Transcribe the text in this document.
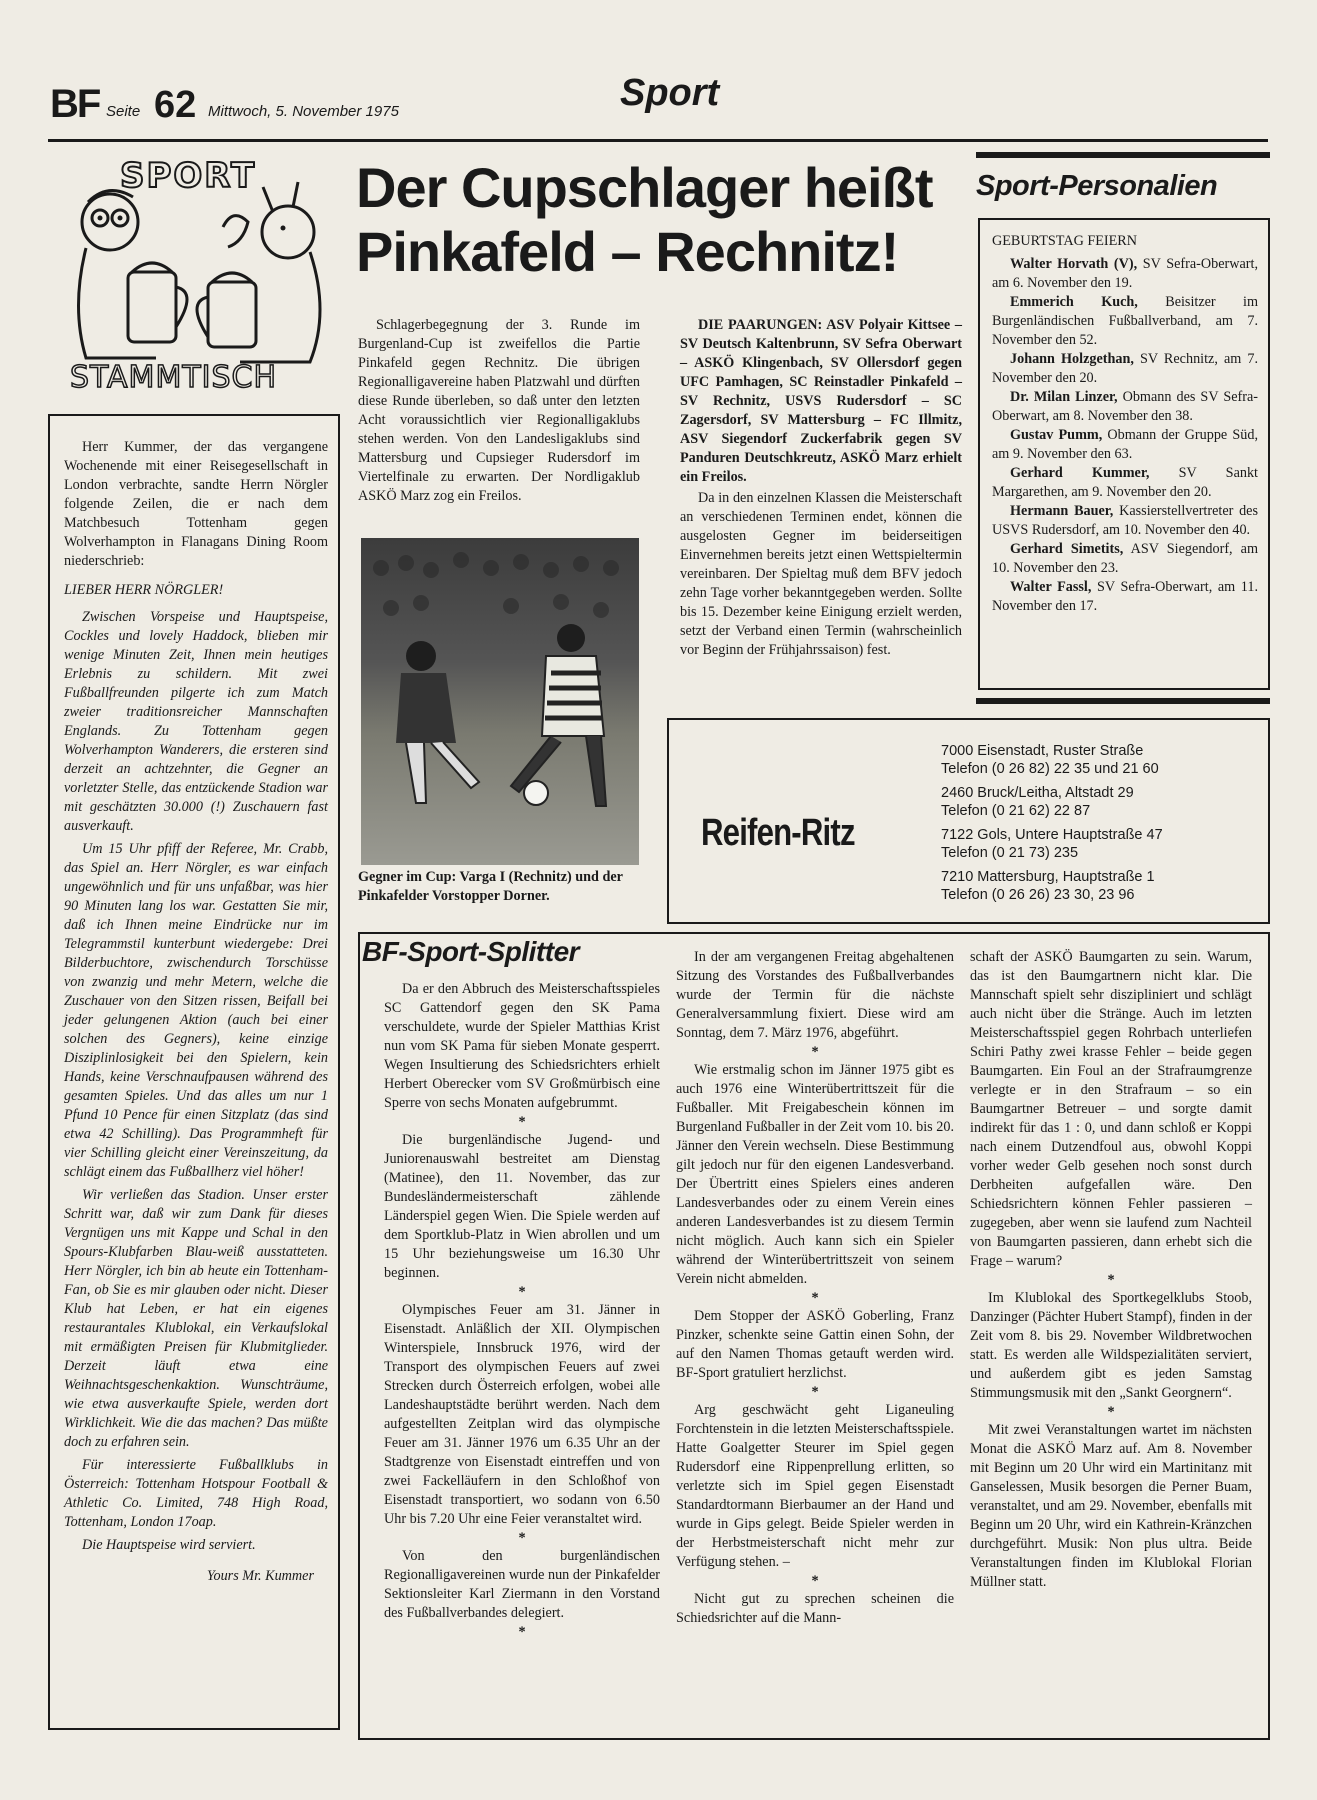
BF Seite 62 Mittwoch, 5. November 1975	Sport
SPORT
STAMMTISCH

Herr Kummer, der das vergangene Wochenende mit einer Reisegesellschaft in London verbrachte, sandte Herrn Nörgler folgende Zeilen, die er nach dem Matchbesuch Tottenham gegen Wolverhampton in Flanagans Dining Room niederschrieb:

LIEBER HERR NÖRGLER!

Zwischen Vorspeise und Hauptspeise, Cockles und lovely Haddock, blieben mir wenige Minuten Zeit, Ihnen mein heutiges Erlebnis zu schildern. Mit zwei Fußballfreunden pilgerte ich zum Match zweier traditionsreicher Mannschaften Englands. Zu Tottenham gegen Wolverhampton Wanderers, die ersteren sind derzeit an achtzehnter, die Gegner an vorletzter Stelle, das entzückende Stadion war mit geschätzten 30.000 (!) Zuschauern fast ausverkauft.

Um 15 Uhr pfiff der Referee, Mr. Crabb, das Spiel an. Herr Nörgler, es war einfach ungewöhnlich und für uns unfaßbar, was hier 90 Minuten lang los war. Gestatten Sie mir, daß ich Ihnen meine Eindrücke nur im Telegrammstil kunterbunt wiedergebe: Drei Bilderbuchtore, zwischendurch Torschüsse von zwanzig und mehr Metern, welche die Zuschauer von den Sitzen rissen, Beifall bei jeder gelungenen Aktion (auch bei einer solchen des Gegners), keine einzige Disziplinlosigkeit bei den Spielern, kein Hands, keine Verschnaufpausen während des gesamten Spieles. Und das alles um nur 1 Pfund 10 Pence für einen Sitzplatz (das sind etwa 42 Schilling). Das Programmheft für vier Schilling gleicht einer Vereinszeitung, da schlägt einem das Fußballherz viel höher!

Wir verließen das Stadion. Unser erster Schritt war, daß wir zum Dank für dieses Vergnügen uns mit Kappe und Schal in den Spours-Klubfarben Blau-weiß ausstatteten. Herr Nörgler, ich bin ab heute ein Tottenham-Fan, ob Sie es mir glauben oder nicht. Dieser Klub hat Leben, er hat ein eigenes restaurantales Klublokal, ein Verkaufslokal mit ermäßigten Preisen für Klubmitglieder. Derzeit läuft etwa eine Weihnachtsgeschenkaktion. Wunschträume, wie etwa ausverkaufte Spiele, werden dort Wirklichkeit. Wie die das machen? Das müßte doch zu erfahren sein.

Für interessierte Fußballklubs in Österreich: Tottenham Hotspour Football & Athletic Co. Limited, 748 High Road, Tottenham, London 17oap.

Die Hauptspeise wird serviert.

Yours Mr. Kummer

Der Cupschlager heißt
Pinkafeld – Rechnitz!

Schlagerbegegnung der 3. Runde im Burgenland-Cup ist zweifellos die Partie Pinkafeld gegen Rechnitz. Die übrigen Regionalligavereine haben Platzwahl und dürften diese Runde überleben, so daß unter den letzten Acht voraussichtlich vier Regionalligaklubs stehen werden. Von den Landesligaklubs sind Mattersburg und Cupsieger Rudersdorf im Viertelfinale zu erwarten. Der Nordligaklub ASKÖ Marz zog ein Freilos.

Gegner im Cup: Varga I (Rechnitz) und der Pinkafelder Vorstopper Dorner.

DIE PAARUNGEN: ASV Polyair Kittsee – SV Deutsch Kaltenbrunn, SV Sefra Oberwart – ASKÖ Klingenbach, SV Ollersdorf gegen UFC Pamhagen, SC Reinstadler Pinkafeld – SV Rechnitz, USVS Rudersdorf – SC Zagersdorf, SV Mattersburg – FC Illmitz, ASV Siegendorf Zuckerfabrik gegen SV Panduren Deutschkreutz, ASKÖ Marz erhielt ein Freilos.

Da in den einzelnen Klassen die Meisterschaft an verschiedenen Terminen endet, können die ausgelosten Gegner im beiderseitigen Einvernehmen bereits jetzt einen Wettspieltermin vereinbaren. Der Spieltag muß dem BFV jedoch zehn Tage vorher bekanntgegeben werden. Sollte bis 15. Dezember keine Einigung erzielt werden, setzt der Verband einen Termin (wahrscheinlich vor Beginn der Frühjahrssaison) fest.

Sport-Personalien
GEBURTSTAG FEIERN

Walter Horvath (V), SV Sefra-Oberwart, am 6. November den 19.

Emmerich Kuch, Beisitzer im Burgenländischen Fußballverband, am 7. November den 52.

Johann Holzgethan, SV Rechnitz, am 7. November den 20.

Dr. Milan Linzer, Obmann des SV Sefra-Oberwart, am 8. November den 38.

Gustav Pumm, Obmann der Gruppe Süd, am 9. November den 63.

Gerhard Kummer, SV Sankt Margarethen, am 9. November den 20.

Hermann Bauer, Kassierstellvertreter des USVS Rudersdorf, am 10. November den 40.

Gerhard Simetits, ASV Siegendorf, am 10. November den 23.

Walter Fassl, SV Sefra-Oberwart, am 11. November den 17.

Reifen-Ritz
7000 Eisenstadt, Ruster Straße
Telefon (0 26 82) 22 35 und 21 60
2460 Bruck/Leitha, Altstadt 29
Telefon (0 21 62) 22 87
7122 Gols, Untere Hauptstraße 47
Telefon (0 21 73) 235
7210 Mattersburg, Hauptstraße 1
Telefon (0 26 26) 23 30, 23 96
BF-Sport-Splitter

Da er den Abbruch des Meisterschaftsspieles SC Gattendorf gegen den SK Pama verschuldete, wurde der Spieler Matthias Krist nun vom SK Pama für sieben Monate gesperrt. Wegen Insultierung des Schiedsrichters erhielt Herbert Oberecker vom SV Großmürbisch eine Sperre von sechs Monaten aufgebrummt.

*

Die burgenländische Jugend- und Juniorenauswahl bestreitet am Dienstag (Matinee), den 11. November, das zur Bundesländermeisterschaft zählende Länderspiel gegen Wien. Die Spiele werden auf dem Sportklub-Platz in Wien abrollen und um 15 Uhr beziehungsweise um 16.30 Uhr beginnen.

*

Olympisches Feuer am 31. Jänner in Eisenstadt. Anläßlich der XII. Olympischen Winterspiele, Innsbruck 1976, wird der Transport des olympischen Feuers auf zwei Strecken durch Österreich erfolgen, wobei alle Landeshauptstädte berührt werden. Nach dem aufgestellten Zeitplan wird das olympische Feuer am 31. Jänner 1976 um 6.35 Uhr an der Stadtgrenze von Eisenstadt eintreffen und von zwei Fackelläufern in den Schloßhof von Eisenstadt transportiert, wo sodann von 6.50 Uhr bis 7.20 Uhr eine Feier veranstaltet wird.

*

Von den burgenländischen Regionalligavereinen wurde nun der Pinkafelder Sektionsleiter Karl Ziermann in den Vorstand des Fußballverbandes delegiert.

*

In der am vergangenen Freitag abgehaltenen Sitzung des Vorstandes des Fußballverbandes wurde der Termin für die nächste Generalversammlung fixiert. Diese wird am Sonntag, dem 7. März 1976, abgeführt.

*

Wie erstmalig schon im Jänner 1975 gibt es auch 1976 eine Winterübertrittszeit für die Fußballer. Mit Freigabeschein können im Burgenland Fußballer in der Zeit vom 10. bis 20. Jänner den Verein wechseln. Diese Bestimmung gilt jedoch nur für den eigenen Landesverband. Der Übertritt eines Spielers eines anderen Landesverbandes oder zu einem Verein eines anderen Landesverbandes ist zu diesem Termin nicht möglich. Auch kann sich ein Spieler während der Winterübertrittszeit von seinem Verein nicht abmelden.

*

Dem Stopper der ASKÖ Goberling, Franz Pinzker, schenkte seine Gattin einen Sohn, der auf den Namen Thomas getauft werden wird. BF-Sport gratuliert herzlichst.

*

Arg geschwächt geht Liganeuling Forchtenstein in die letzten Meisterschaftsspiele. Hatte Goalgetter Steurer im Spiel gegen Rudersdorf eine Rippenprellung erlitten, so verletzte sich im Spiel gegen Eisenstadt Standardtormann Bierbaumer an der Hand und wurde in Gips gelegt. Beide Spieler werden in der Herbstmeisterschaft nicht mehr zur Verfügung stehen. –

*

Nicht gut zu sprechen scheinen die Schiedsrichter auf die Mann-

schaft der ASKÖ Baumgarten zu sein. Warum, das ist den Baumgartnern nicht klar. Die Mannschaft spielt sehr diszipliniert und schlägt auch nicht über die Stränge. Auch im letzten Meisterschaftsspiel gegen Rohrbach unterliefen Schiri Pathy zwei krasse Fehler – beide gegen Baumgarten. Ein Foul an der Strafraumgrenze verlegte er in den Strafraum – so ein Baumgartner Betreuer – und sorgte damit indirekt für das 1 : 0, und dann schloß er Koppi nach einem Dutzendfoul aus, obwohl Koppi vorher weder Gelb gesehen noch sonst durch Derbheiten aufgefallen wäre. Den Schiedsrichtern können Fehler passieren – zugegeben, aber wenn sie laufend zum Nachteil von Baumgarten passieren, dann erhebt sich die Frage – warum?

*

Im Klublokal des Sportkegelklubs Stoob, Danzinger (Pächter Hubert Stampf), finden in der Zeit vom 8. bis 29. November Wildbretwochen statt. Es werden alle Wildspezialitäten serviert, und außerdem gibt es jeden Samstag Stimmungsmusik mit den „Sankt Georgnern“.

*

Mit zwei Veranstaltungen wartet im nächsten Monat die ASKÖ Marz auf. Am 8. November mit Beginn um 20 Uhr wird ein Martinitanz mit Ganselessen, Musik besorgen die Perner Buam, veranstaltet, und am 29. November, ebenfalls mit Beginn um 20 Uhr, wird ein Kathrein-Kränzchen durchgeführt. Musik: Non plus ultra. Beide Veranstaltungen finden im Klublokal Florian Müllner statt.
